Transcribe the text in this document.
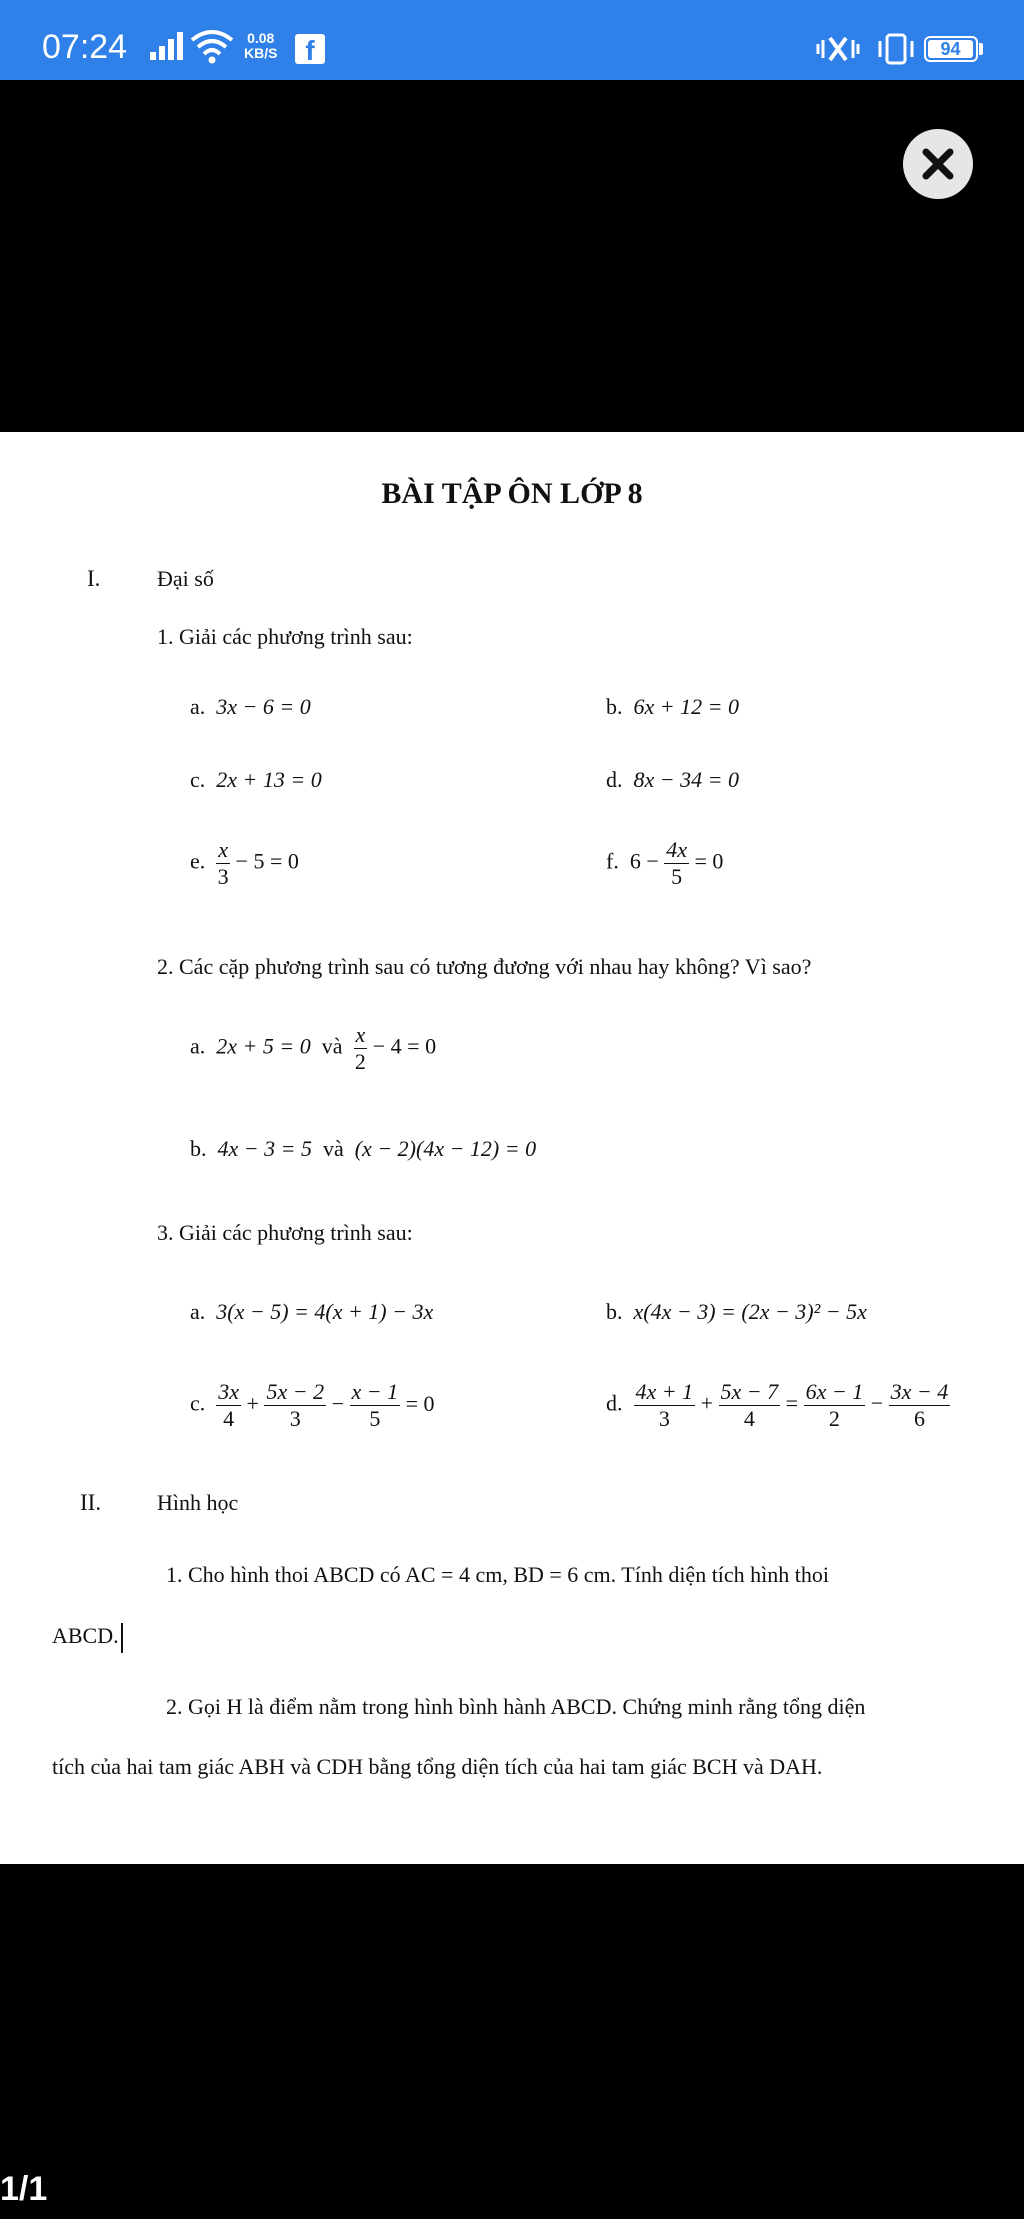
07:24	0.08
KB/S f	94
BÀI TẬP ÔN LỚP 8
I.	Đại số
1. Giải các phương trình sau:
a. 3x − 6 = 0	b. 6x + 12 = 0
c. 2x + 13 = 0	d. 8x − 34 = 0
e. $\frac{x}{3} - 5 = 0$	f. $6 - \frac{4x}{5} = 0$
2. Các cặp phương trình sau có tương đương với nhau hay không? Vì sao?
a. 2x + 5 = 0 và $\frac{x}{2} - 4 = 0$
b. 4x − 3 = 5 và (x − 2)(4x − 12) = 0
3. Giải các phương trình sau:
a. 3(x − 5) = 4(x + 1) − 3x	b. x(4x − 3) = (2x − 3)² − 5x
c. $\frac{3x}{4} + \frac{5x - 2}{3} - \frac{x - 1}{5} = 0$	d. $\frac{4x + 1}{3} + \frac{5x - 7}{4} = \frac{6x - 1}{2} - \frac{3x - 4}{6}$
II.	Hình học
1. Cho hình thoi ABCD có AC = 4 cm, BD = 6 cm. Tính diện tích hình thoi
ABCD.
2. Gọi H là điểm nằm trong hình bình hành ABCD. Chứng minh rằng tổng diện
tích của hai tam giác ABH và CDH bằng tổng diện tích của hai tam giác BCH và DAH.
1/1
